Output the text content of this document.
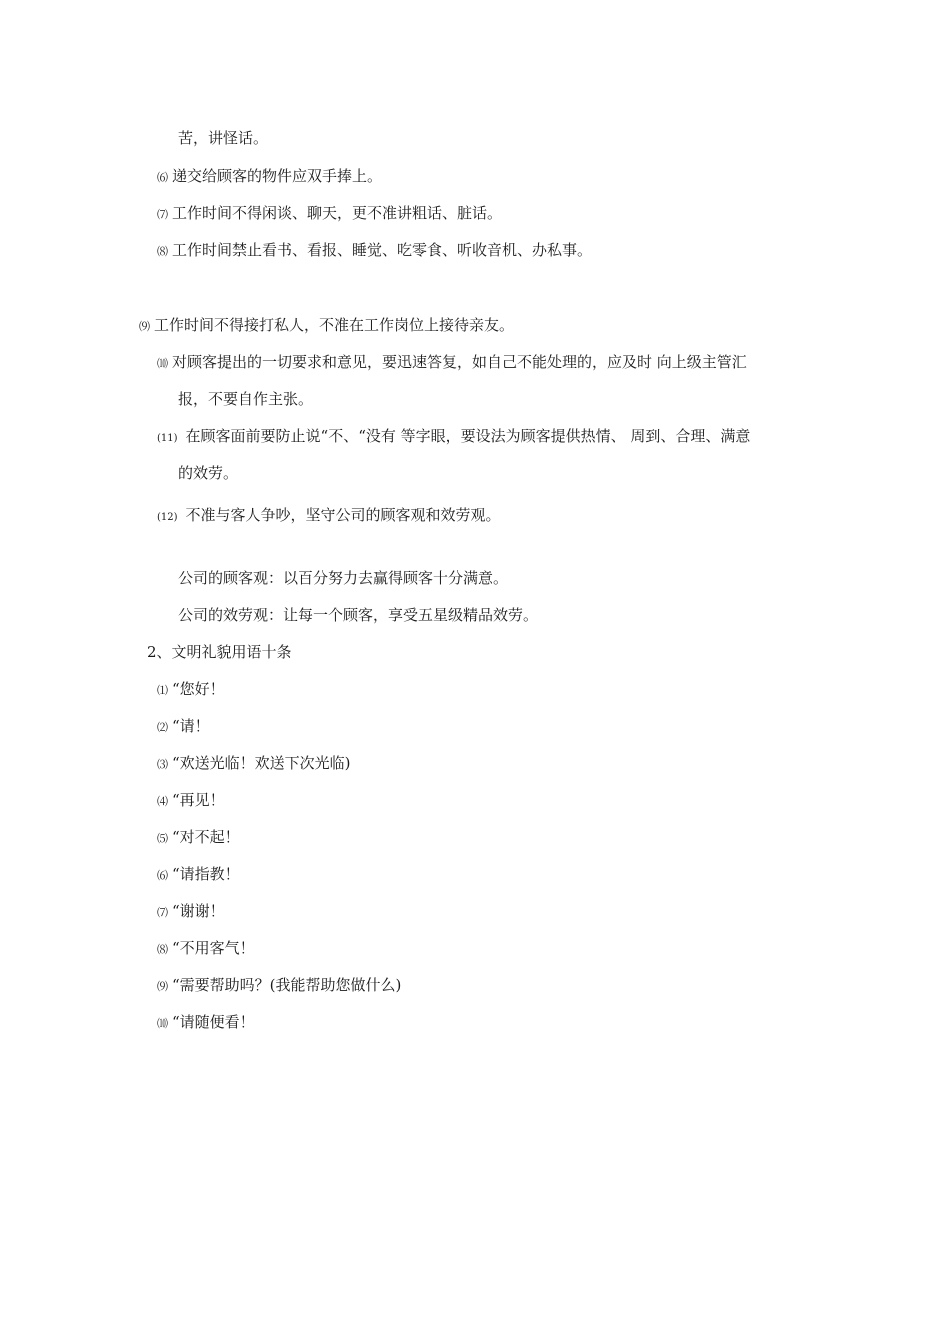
苦，讲怪话。
⑹ 递交给顾客的物件应双手捧上。
⑺ 工作时间不得闲谈、聊天，更不准讲粗话、脏话。
⑻ 工作时间禁止看书、看报、睡觉、吃零食、听收音机、办私事。
⑼ 工作时间不得接打私人，不准在工作岗位上接待亲友。
⑽ 对顾客提出的一切要求和意见，要迅速答复，如自己不能处理的，应及时 向上级主管汇
报，不要自作主张。
(11) 在顾客面前要防止说“不、“没有 等字眼，要设法为顾客提供热情、 周到、合理、满意
的效劳。
(12) 不准与客人争吵，坚守公司的顾客观和效劳观。
公司的顾客观：以百分努力去赢得顾客十分满意。
公司的效劳观：让每一个顾客，享受五星级精品效劳。
2、文明礼貌用语十条
⑴ “您好！
⑵ “请！
⑶ “欢送光临！欢送下次光临)
⑷ “再见！
⑸ “对不起！
⑹ “请指教！
⑺ “谢谢！
⑻ “不用客气！
⑼ “需要帮助吗？(我能帮助您做什么)
⑽ “请随便看！
